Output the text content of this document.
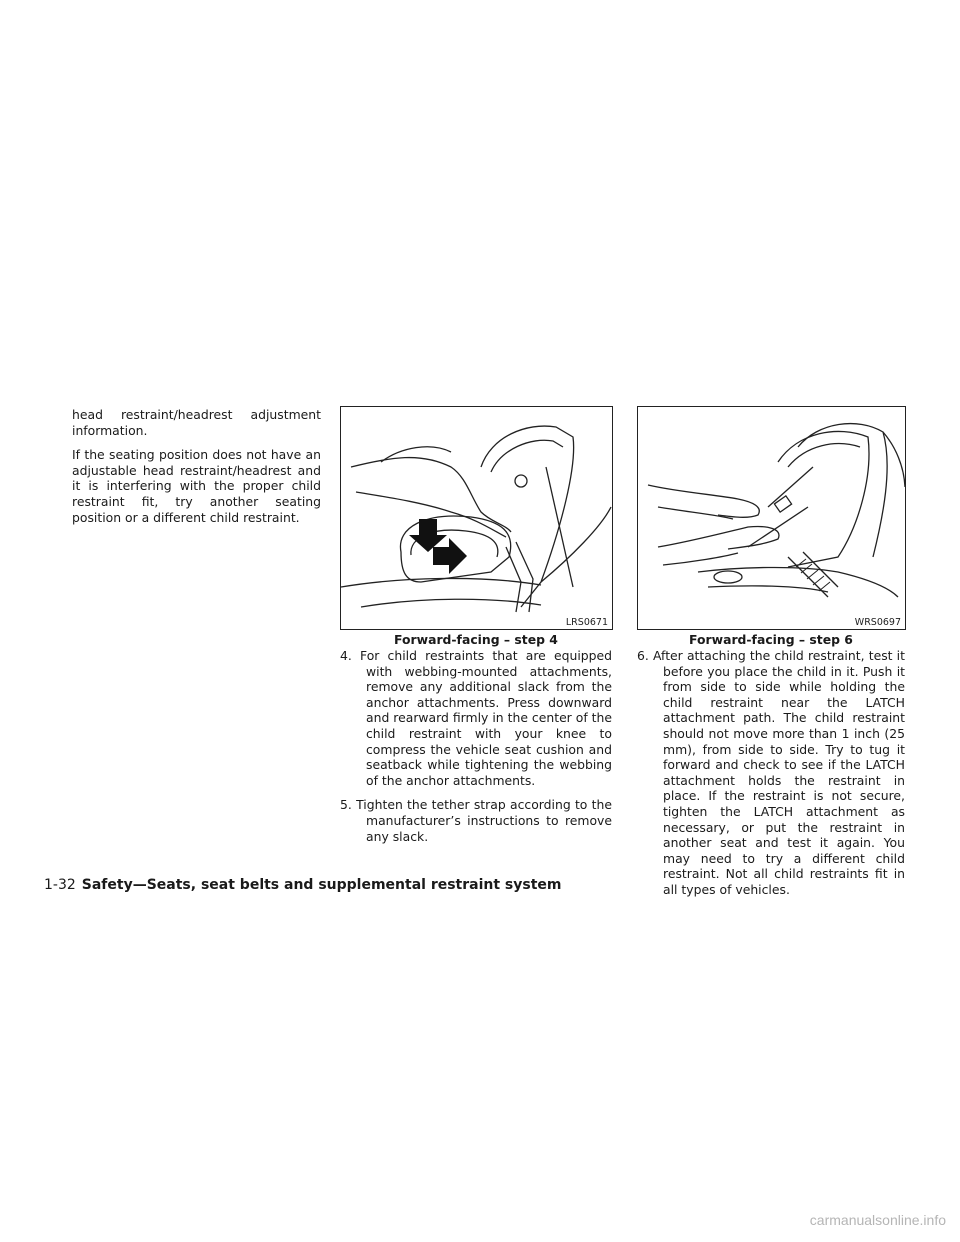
head restraint/headrest adjustment information.

If the seating position does not have an adjustable head restraint/headrest and it is interfering with the proper child restraint fit, try another seating position or a different child restraint.

LRS0671
Forward-facing – step 4
WRS0697
Forward-facing – step 6

4. For child restraints that are equipped with webbing-mounted attachments, remove any additional slack from the anchor attachments. Press downward and rearward firmly in the center of the child restraint with your knee to compress the vehicle seat cushion and seatback while tightening the webbing of the anchor attachments.

5. Tighten the tether strap according to the manufacturer’s instructions to remove any slack.

6. After attaching the child restraint, test it before you place the child in it. Push it from side to side while holding the child restraint near the LATCH attachment path. The child restraint should not move more than 1 inch (25 mm), from side to side. Try to tug it forward and check to see if the LATCH attachment holds the restraint in place. If the restraint is not secure, tighten the LATCH attachment as necessary, or put the restraint in another seat and test it again. You may need to try a different child restraint. Not all child restraints fit in all types of vehicles.

1-32 Safety—Seats, seat belts and supplemental restraint system
carmanualsonline.info
